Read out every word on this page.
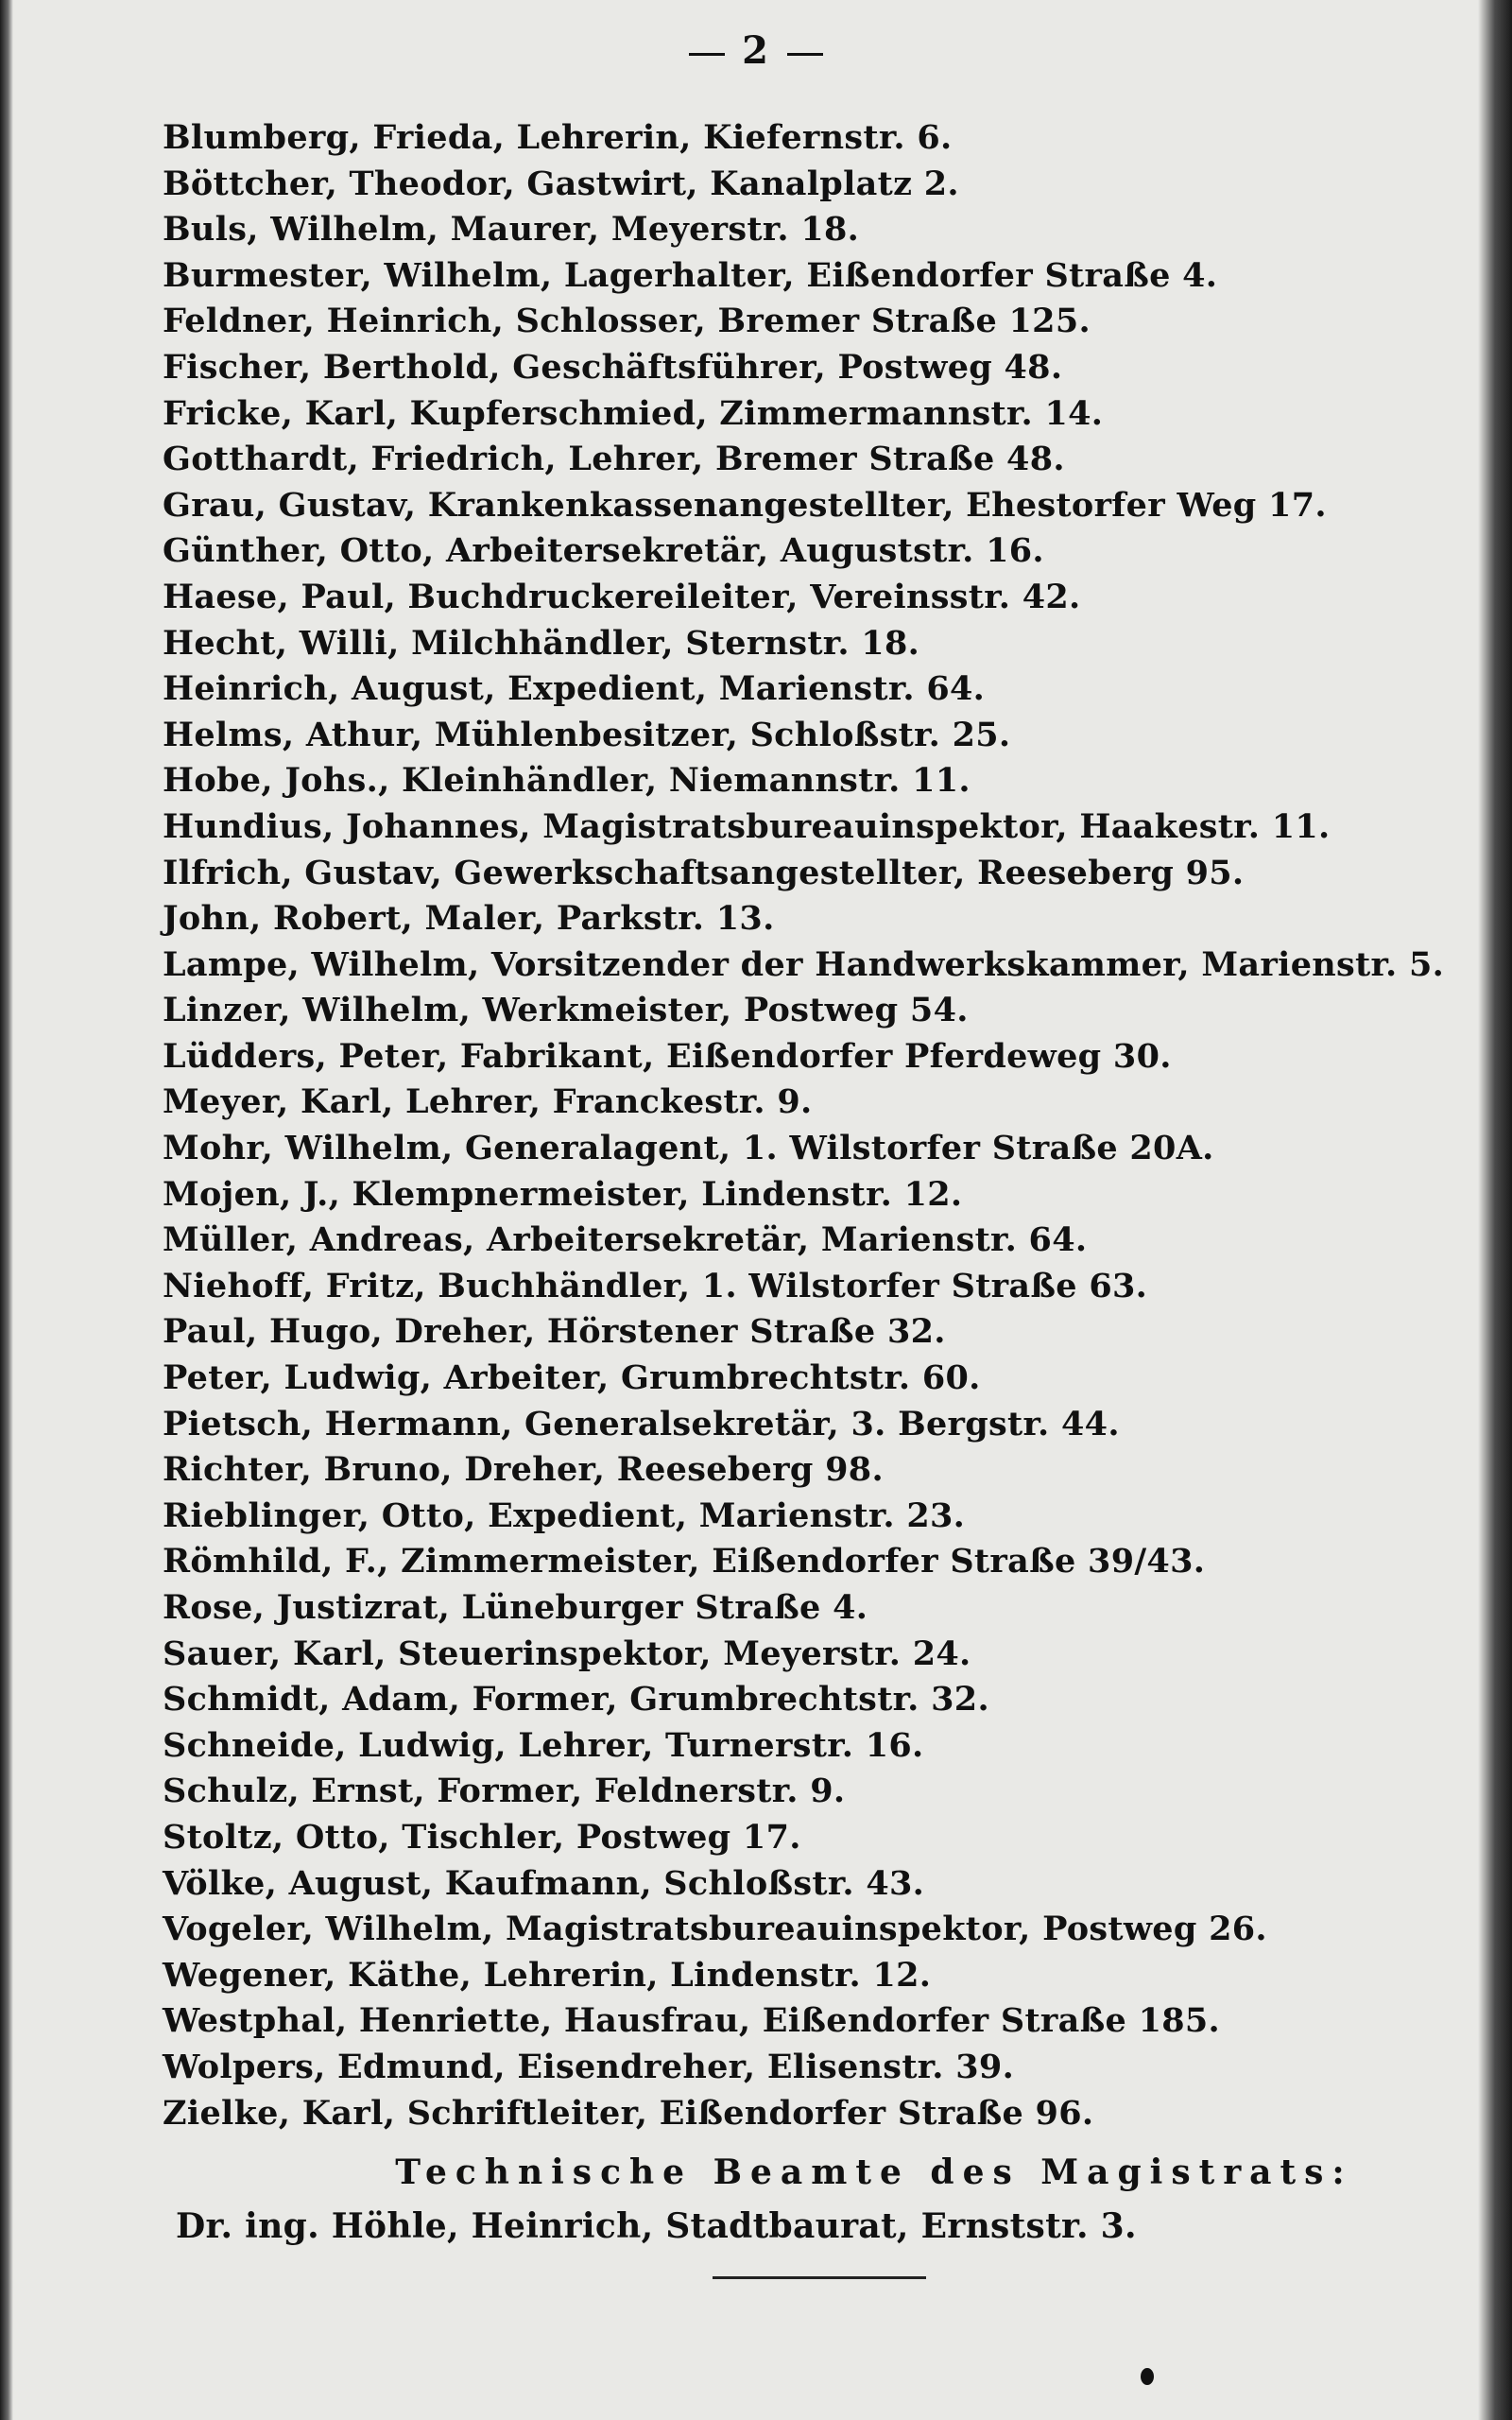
2
Blumberg, Frieda, Lehrerin, Kiefernstr. 6.
Böttcher, Theodor, Gastwirt, Kanalplatz 2.
Buls, Wilhelm, Maurer, Meyerstr. 18.
Burmester, Wilhelm, Lagerhalter, Eißendorfer Straße 4.
Feldner, Heinrich, Schlosser, Bremer Straße 125.
Fischer, Berthold, Geschäftsführer, Postweg 48.
Fricke, Karl, Kupferschmied, Zimmermannstr. 14.
Gotthardt, Friedrich, Lehrer, Bremer Straße 48.
Grau, Gustav, Krankenkassenangestellter, Ehestorfer Weg 17.
Günther, Otto, Arbeitersekretär, Auguststr. 16.
Haese, Paul, Buchdruckereileiter, Vereinsstr. 42.
Hecht, Willi, Milchhändler, Sternstr. 18.
Heinrich, August, Expedient, Marienstr. 64.
Helms, Athur, Mühlenbesitzer, Schloßstr. 25.
Hobe, Johs., Kleinhändler, Niemannstr. 11.
Hundius, Johannes, Magistratsbureauinspektor, Haakestr. 11.
Ilfrich, Gustav, Gewerkschaftsangestellter, Reeseberg 95.
John, Robert, Maler, Parkstr. 13.
Lampe, Wilhelm, Vorsitzender der Handwerkskammer, Marienstr. 5.
Linzer, Wilhelm, Werkmeister, Postweg 54.
Lüdders, Peter, Fabrikant, Eißendorfer Pferdeweg 30.
Meyer, Karl, Lehrer, Franckestr. 9.
Mohr, Wilhelm, Generalagent, 1. Wilstorfer Straße 20A.
Mojen, J., Klempnermeister, Lindenstr. 12.
Müller, Andreas, Arbeitersekretär, Marienstr. 64.
Niehoff, Fritz, Buchhändler, 1. Wilstorfer Straße 63.
Paul, Hugo, Dreher, Hörstener Straße 32.
Peter, Ludwig, Arbeiter, Grumbrechtstr. 60.
Pietsch, Hermann, Generalsekretär, 3. Bergstr. 44.
Richter, Bruno, Dreher, Reeseberg 98.
Rieblinger, Otto, Expedient, Marienstr. 23.
Römhild, F., Zimmermeister, Eißendorfer Straße 39/43.
Rose, Justizrat, Lüneburger Straße 4.
Sauer, Karl, Steuerinspektor, Meyerstr. 24.
Schmidt, Adam, Former, Grumbrechtstr. 32.
Schneide, Ludwig, Lehrer, Turnerstr. 16.
Schulz, Ernst, Former, Feldnerstr. 9.
Stoltz, Otto, Tischler, Postweg 17.
Völke, August, Kaufmann, Schloßstr. 43.
Vogeler, Wilhelm, Magistratsbureauinspektor, Postweg 26.
Wegener, Käthe, Lehrerin, Lindenstr. 12.
Westphal, Henriette, Hausfrau, Eißendorfer Straße 185.
Wolpers, Edmund, Eisendreher, Elisenstr. 39.
Zielke, Karl, Schriftleiter, Eißendorfer Straße 96.
Technische Beamte des Magistrats:
Dr. ing. Höhle, Heinrich, Stadtbaurat, Ernststr. 3.
